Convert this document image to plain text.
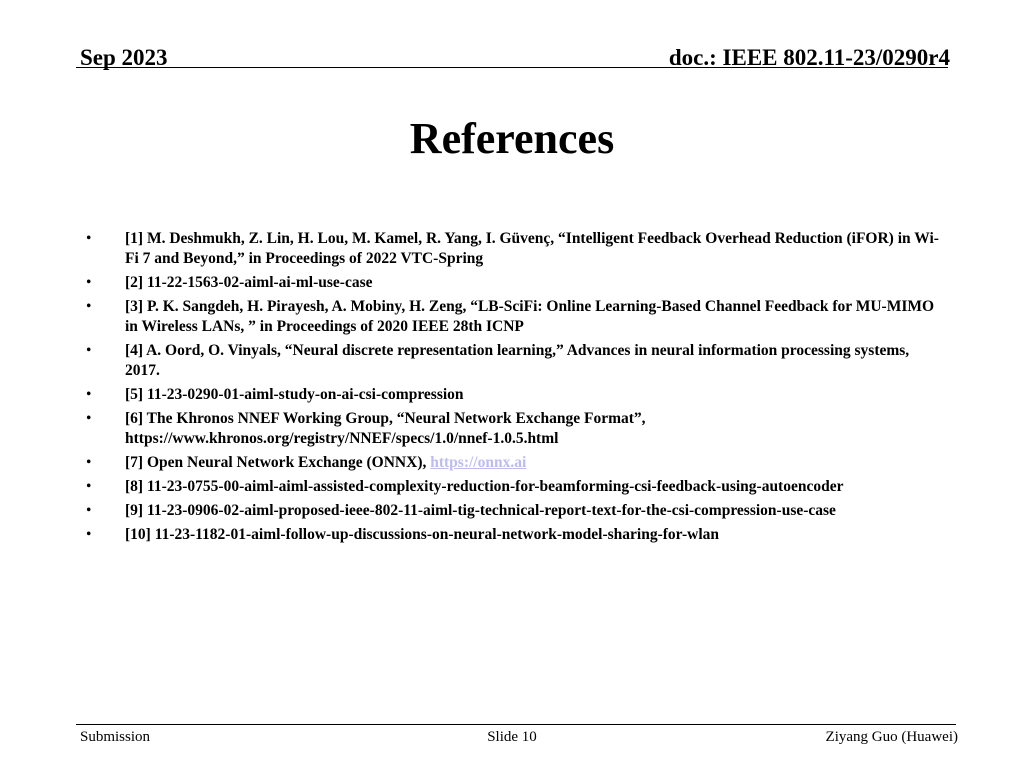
Sep 2023	doc.: IEEE 802.11-23/0290r4
References
• [1] M. Deshmukh, Z. Lin, H. Lou, M. Kamel, R. Yang, I. Güvenç, “Intelligent Feedback Overhead Reduction (iFOR) in Wi-Fi 7 and Beyond,” in Proceedings of 2022 VTC-Spring
• [2] 11-22-1563-02-aiml-ai-ml-use-case
• [3] P. K. Sangdeh, H. Pirayesh, A. Mobiny, H. Zeng, “LB-SciFi: Online Learning-Based Channel Feedback for MU-MIMO in Wireless LANs, ” in Proceedings of 2020 IEEE 28th ICNP
• [4] A. Oord, O. Vinyals, “Neural discrete representation learning,” Advances in neural information processing systems, 2017.
• [5] 11-23-0290-01-aiml-study-on-ai-csi-compression
• [6] The Khronos NNEF Working Group, “Neural Network Exchange Format”, https://www.khronos.org/registry/NNEF/specs/1.0/nnef-1.0.5.html
• [7] Open Neural Network Exchange (ONNX), https://onnx.ai
• [8] 11-23-0755-00-aiml-aiml-assisted-complexity-reduction-for-beamforming-csi-feedback-using-autoencoder
• [9] 11-23-0906-02-aiml-proposed-ieee-802-11-aiml-tig-technical-report-text-for-the-csi-compression-use-case
• [10] 11-23-1182-01-aiml-follow-up-discussions-on-neural-network-model-sharing-for-wlan
Submission	Slide 10	Ziyang Guo (Huawei)
